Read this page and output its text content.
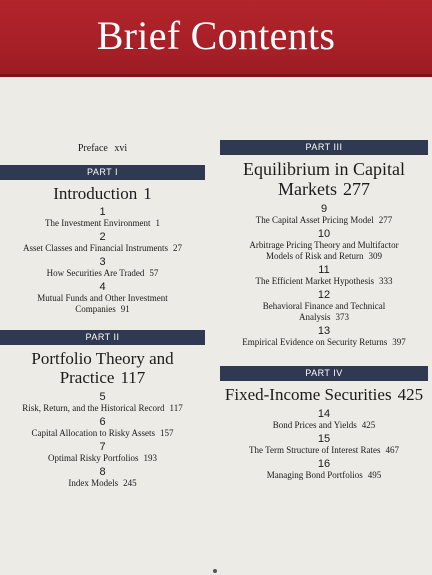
Brief Contents
Preface xvi
PART I
Introduction 1
1
The Investment Environment 1
2
Asset Classes and Financial Instruments 27
3
How Securities Are Traded 57
4
Mutual Funds and Other Investment
Companies 91
PART II
Portfolio Theory and
Practice 117
5
Risk, Return, and the Historical Record 117
6
Capital Allocation to Risky Assets 157
7
Optimal Risky Portfolios 193
8
Index Models 245
PART III
Equilibrium in Capital
Markets 277
9
The Capital Asset Pricing Model 277
10
Arbitrage Pricing Theory and Multifactor
Models of Risk and Return 309
11
The Efficient Market Hypothesis 333
12
Behavioral Finance and Technical
Analysis 373
13
Empirical Evidence on Security Returns 397
PART IV
Fixed-Income Securities 425
14
Bond Prices and Yields 425
15
The Term Structure of Interest Rates 467
16
Managing Bond Portfolios 495
